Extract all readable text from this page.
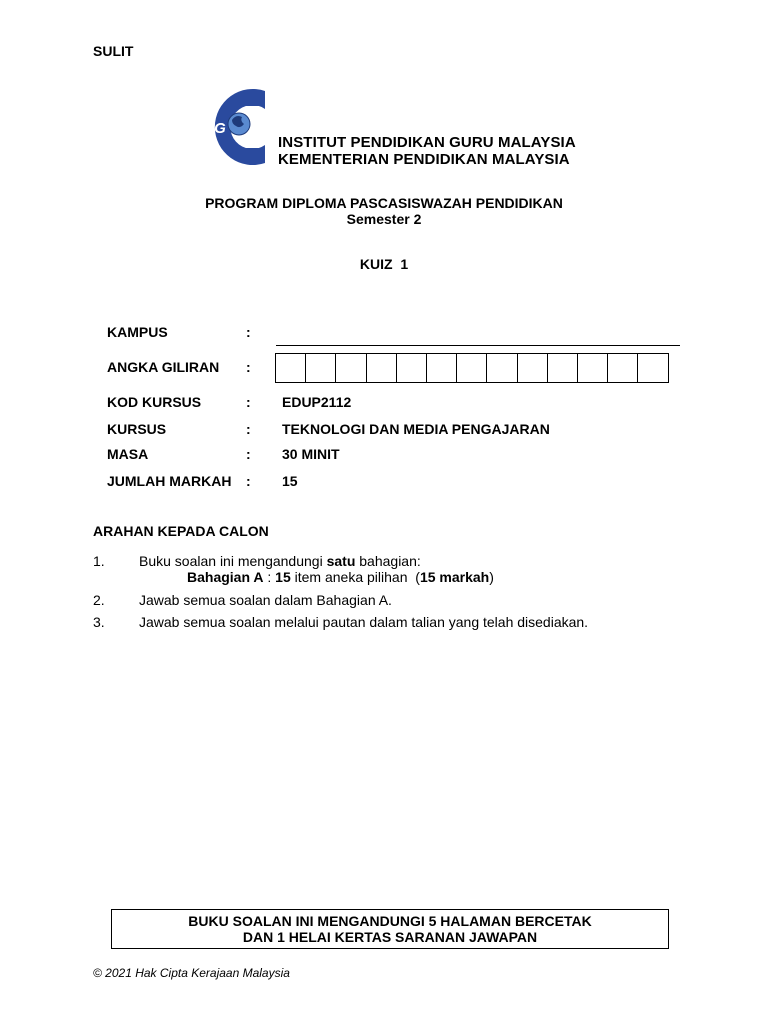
SULIT
IPG
INSTITUT PENDIDIKAN GURU MALAYSIA
KEMENTERIAN PENDIDIKAN MALAYSIA
PROGRAM DIPLOMA PASCASISWAZAH PENDIDIKAN
Semester 2
KUIZ  1
KAMPUS	:
ANGKA GILIRAN :
KOD KURSUS	: EDUP2112
KURSUS	: TEKNOLOGI DAN MEDIA PENGAJARAN
MASA	: 30 MINIT
JUMLAH MARKAH : 15
ARAHAN KEPADA CALON
1. Buku soalan ini mengandungi satu bahagian:
Bahagian A : 15 item aneka pilihan  (15 markah)
2. Jawab semua soalan dalam Bahagian A.
3. Jawab semua soalan melalui pautan dalam talian yang telah disediakan.
BUKU SOALAN INI MENGANDUNGI 5 HALAMAN BERCETAK
DAN 1 HELAI KERTAS SARANAN JAWAPAN
© 2021 Hak Cipta Kerajaan Malaysia
